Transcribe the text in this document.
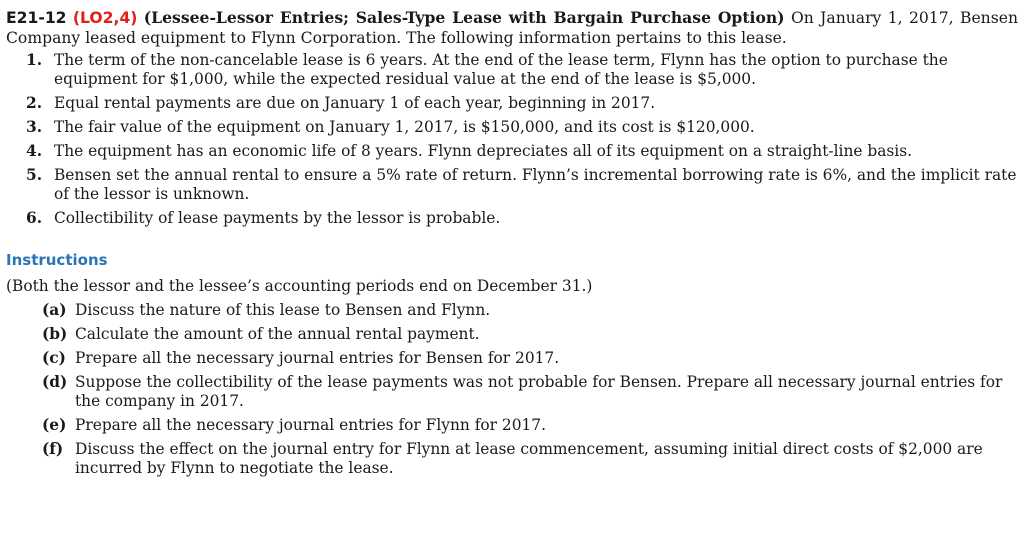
E21-12 (LO2,4) (Lessee-Lessor Entries; Sales-Type Lease with Bargain Purchase Option) On January 1, 2017, Bensen Company leased equipment to Flynn Corporation. The following information pertains to this lease.
1. The term of the non-cancelable lease is 6 years. At the end of the lease term, Flynn has the option to purchase the equipment for $1,000, while the expected residual value at the end of the lease is $5,000.
2. Equal rental payments are due on January 1 of each year, beginning in 2017.
3. The fair value of the equipment on January 1, 2017, is $150,000, and its cost is $120,000.
4. The equipment has an economic life of 8 years. Flynn depreciates all of its equipment on a straight-line basis.
5. Bensen set the annual rental to ensure a 5% rate of return. Flynn’s incremental borrowing rate is 6%, and the implicit rate of the lessor is unknown.
6. Collectibility of lease payments by the lessor is probable.
Instructions
(Both the lessor and the lessee’s accounting periods end on December 31.)
(a) Discuss the nature of this lease to Bensen and Flynn.
(b) Calculate the amount of the annual rental payment.
(c) Prepare all the necessary journal entries for Bensen for 2017.
(d) Suppose the collectibility of the lease payments was not probable for Bensen. Prepare all necessary journal entries for the company in 2017.
(e) Prepare all the necessary journal entries for Flynn for 2017.
(f) Discuss the effect on the journal entry for Flynn at lease commencement, assuming initial direct costs of $2,000 are incurred by Flynn to negotiate the lease.
